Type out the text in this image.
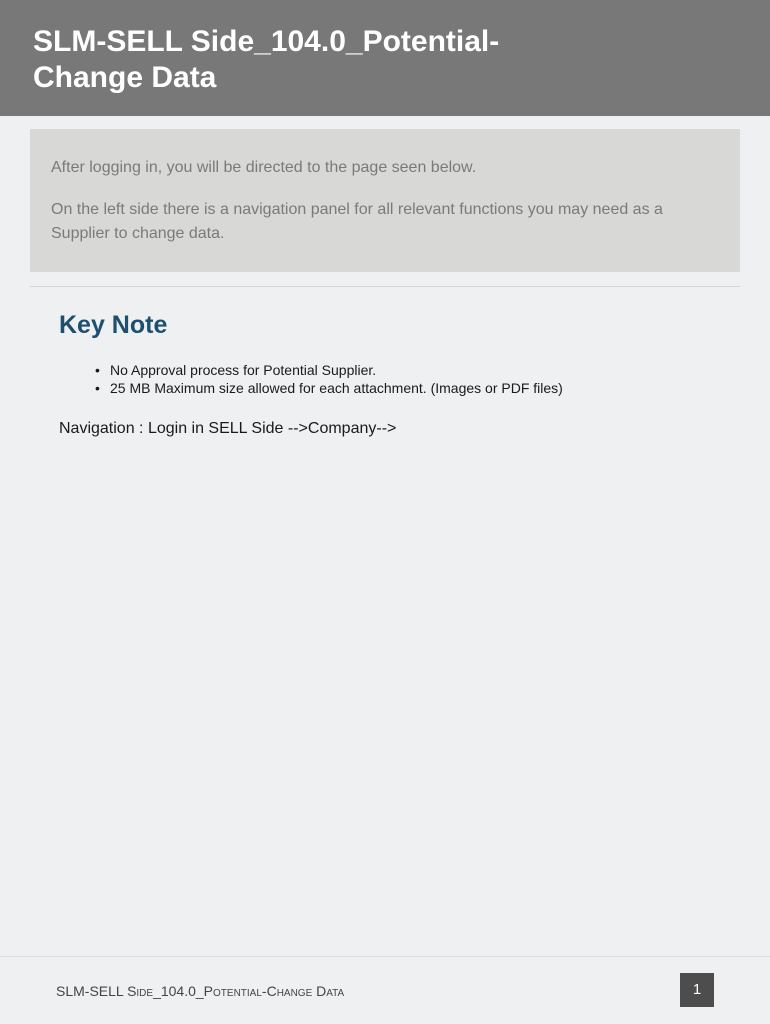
SLM-SELL Side_104.0_Potential-Change Data

After logging in, you will be directed to the page seen below.

On the left side there is a navigation panel for all relevant functions you may need as a Supplier to change data.

Key Note
• No Approval process for Potential Supplier.
• 25 MB Maximum size allowed for each attachment. (Images or PDF files)

Navigation : Login in SELL Side -->Company-->

SLM-SELL Side_104.0_Potential-Change Data	1
